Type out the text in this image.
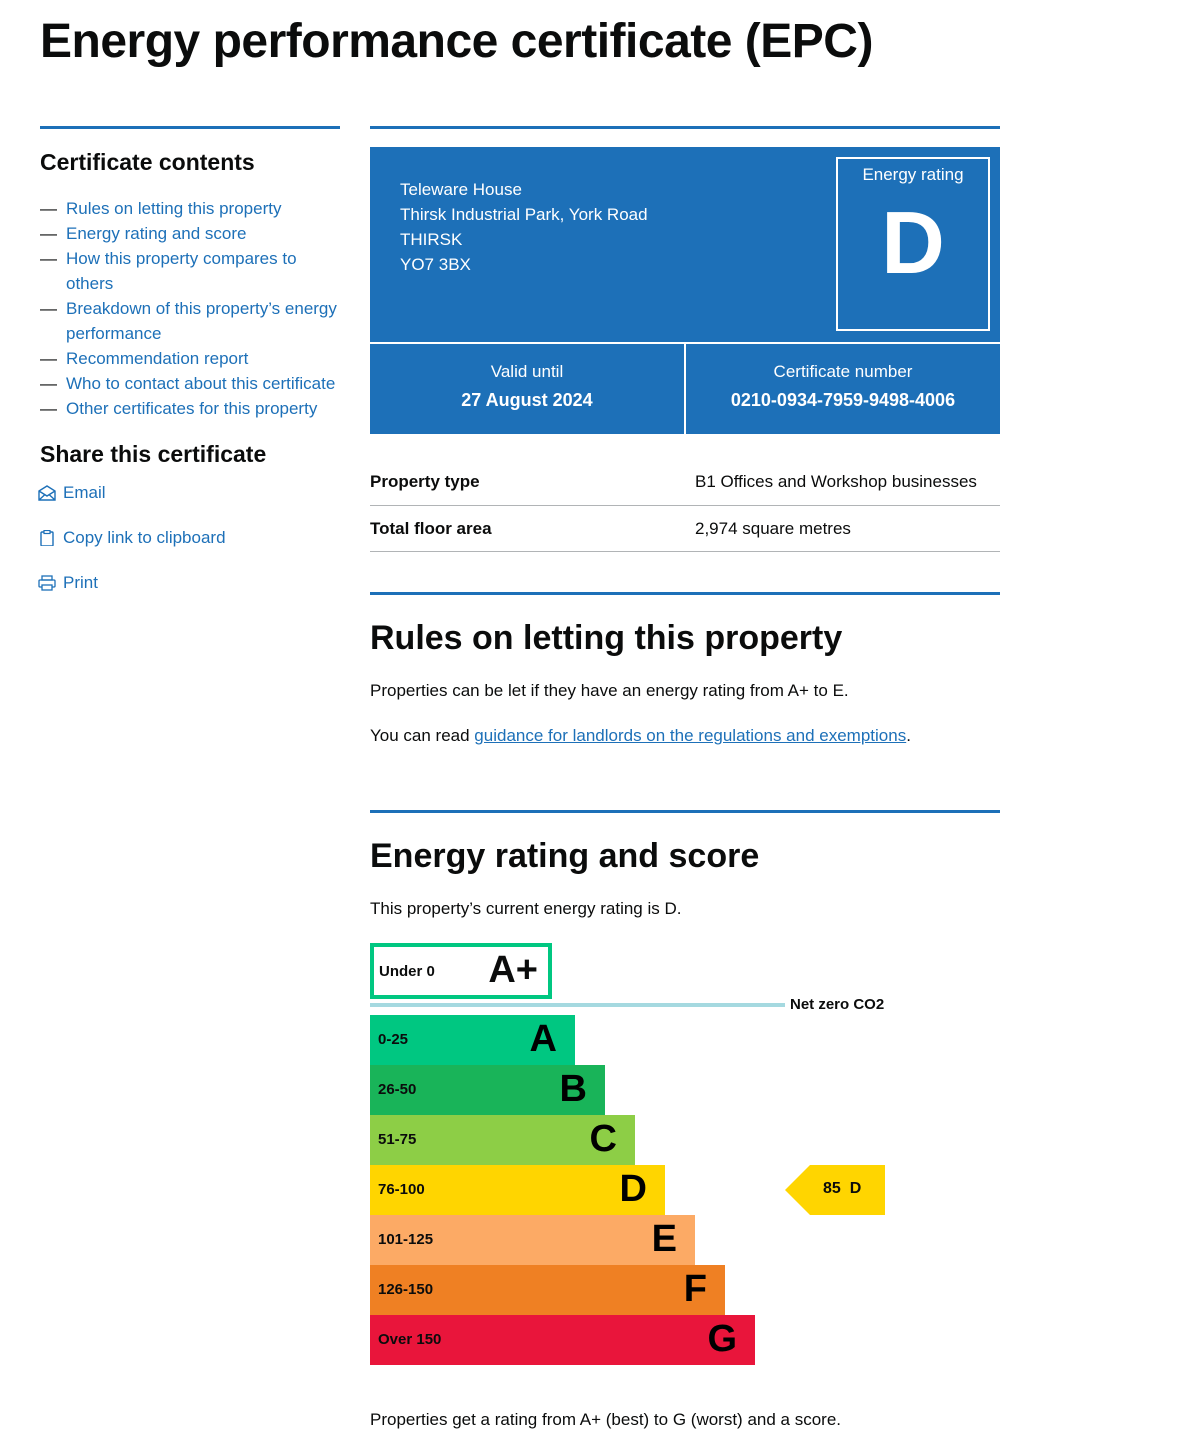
Energy performance certificate (EPC)
Certificate contents
— Rules on letting this property
— Energy rating and score
— How this property compares to others
— Breakdown of this property’s energy performance
— Recommendation report
— Who to contact about this certificate
— Other certificates for this property
Share this certificate
Email
Copy link to clipboard
Print
Teleware House
Thirsk Industrial Park, York Road
THIRSK
YO7 3BX
Energy rating
D
Valid until
27 August 2024
Certificate number
0210-0934-7959-9498-4006
Property type	B1 Offices and Workshop businesses
Total floor area	2,974 square metres
Rules on letting this property

Properties can be let if they have an energy rating from A+ to E.

You can read guidance for landlords on the regulations and exemptions.

Energy rating and score

This property’s current energy rating is D.

Under 0 A+
Net zero CO2
0-25	A
26-50	B
51-75	C
76-100	D
101-125	E
126-150	F
Over 150	G
85  D
Properties get a rating from A+ (best) to G (worst) and a score.
